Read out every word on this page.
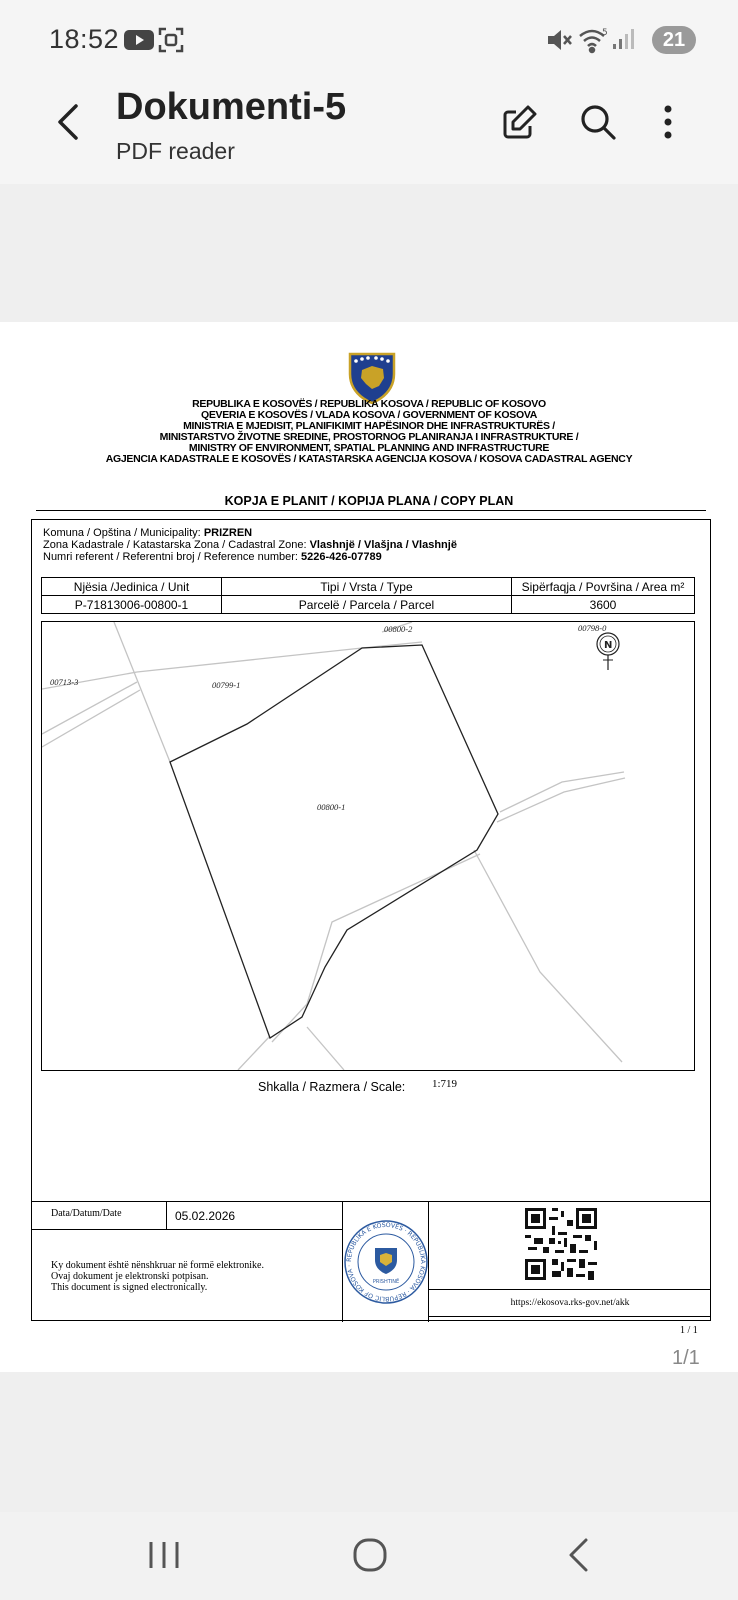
18:52	5	21
Dokumenti-5
PDF reader
REPUBLIKA E KOSOVËS / REPUBLIKA KOSOVA / REPUBLIC OF KOSOVO
QEVERIA E KOSOVËS / VLADA KOSOVA / GOVERNMENT OF KOSOVA
MINISTRIA E MJEDISIT, PLANIFIKIMIT HAPËSINOR DHE INFRASTRUKTURËS /
MINISTARSTVO ŽIVOTNE SREDINE, PROSTORNOG PLANIRANJA I INFRASTRUKTURE /
MINISTRY OF ENVIRONMENT, SPATIAL PLANNING AND INFRASTRUCTURE
AGJENCIA KADASTRALE E KOSOVËS / KATASTARSKA AGENCIJA KOSOVA / KOSOVA CADASTRAL AGENCY
KOPJA E PLANIT / KOPIJA PLANA / COPY PLAN
Komuna / Opština / Municipality: PRIZREN
Zona Kadastrale / Katastarska Zona / Cadastral Zone: Vlashnjë / Vlašjna / Vlashnjë
Numri referent / Referentni broj / Reference number: 5226-426-07789
Njësia /Jedinica / Unit	Tipi / Vrsta / Type	Sipërfaqja / Površina / Area m²
P-71813006-00800-1	Parcelë / Parcela / Parcel	3600
00800-1
00800-2
00799-1
00713-3
00798-0
N
Shkalla / Razmera / Scale: 1:719
Data/Datum/Date	05.02.2026
Ky dokument është nënshkruar në formë elektronike.
Ovaj dokument je elektronski potpisan.
This document is signed electronically.
REPUBLIKA E KOSOVËS · REPUBLIKA KOSOVA · REPUBLIC OF KOSOVA ·
PRISHTINË
https://ekosova.rks-gov.net/akk
1 / 1
1/1
